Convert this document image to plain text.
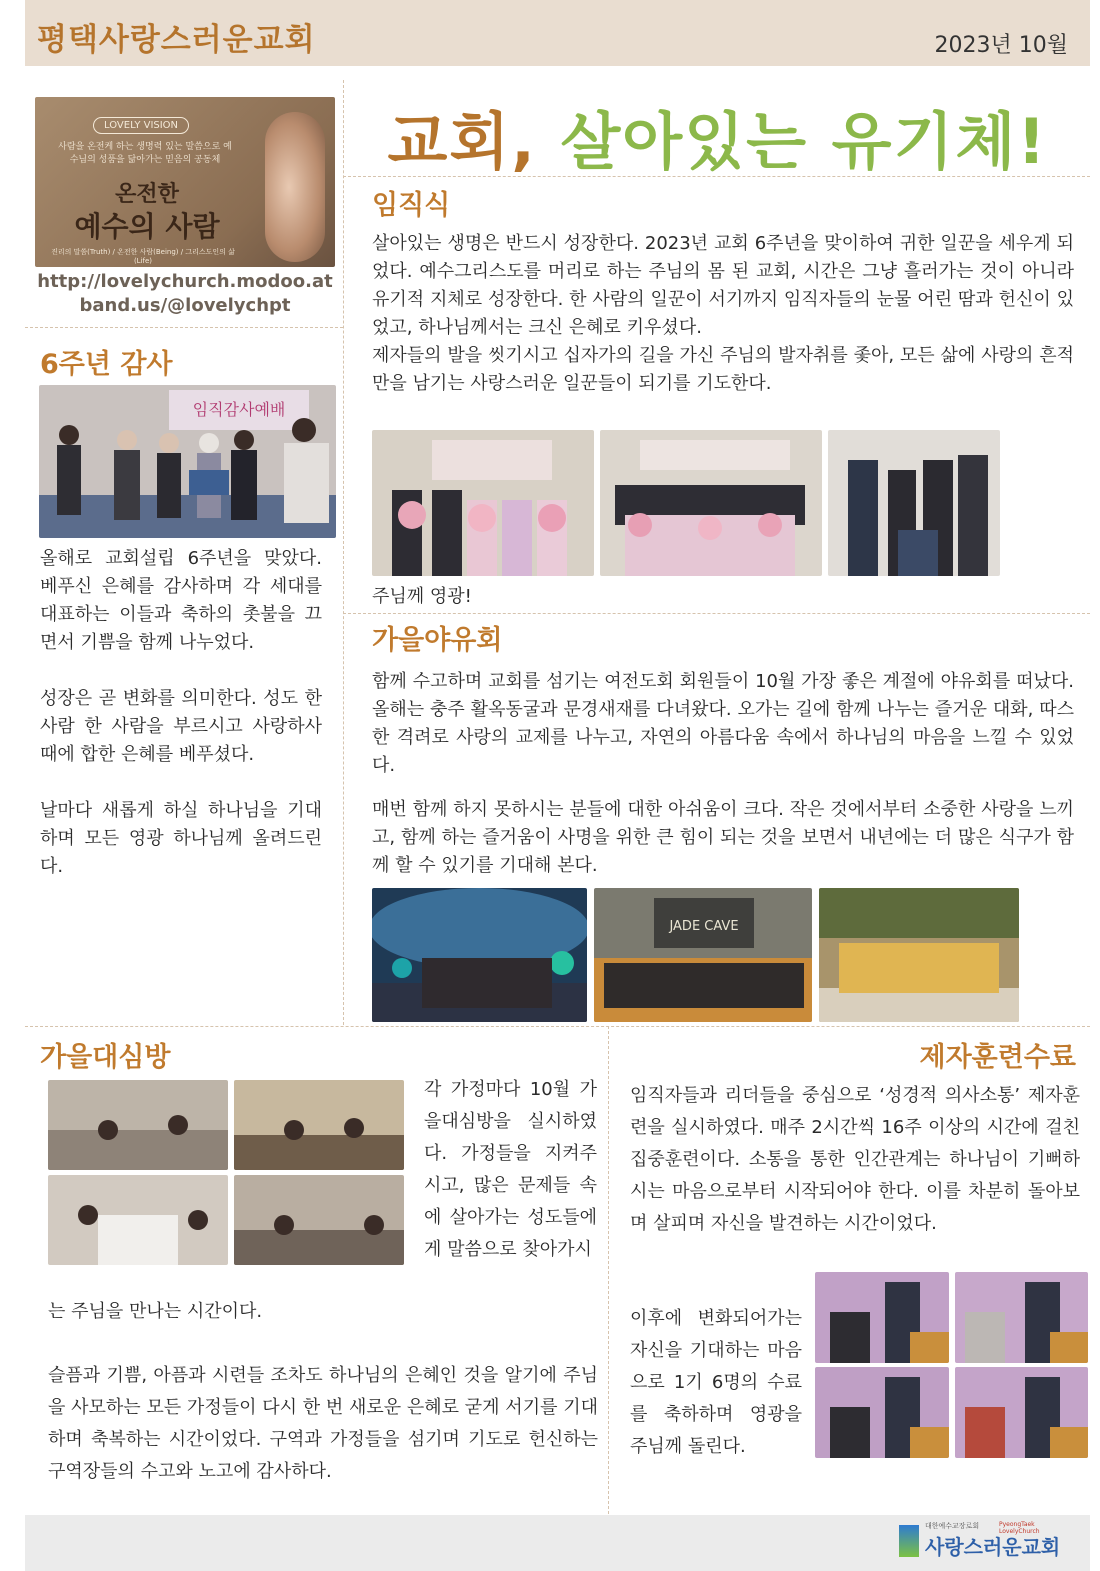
평택사랑스러운교회	2023년 10월
교회, 살아있는 유기체!
LOVELY VISION
사람을 온전케 하는 생명력 있는 말씀으로 예수님의 성품을 닮아가는 믿음의 공동체
온전한
예수의 사람
진리의 말씀(Truth) / 온전한 사람(Being) / 그리스도인의 삶(Life)
http://lovelychurch.modoo.at
band.us/@lovelychpt
6주년 감사
임직감사예배

올해로 교회설립 6주년을 맞았다. 베푸신 은혜를 감사하며 각 세대를 대표하는 이들과 축하의 촛불을 끄면서 기쁨을 함께 나누었다.

성장은 곧 변화를 의미한다. 성도 한 사람 한 사람을 부르시고 사랑하사 때에 합한 은혜를 베푸셨다.

날마다 새롭게 하실 하나님을 기대하며 모든 영광 하나님께 올려드린다.

임직식

살아있는 생명은 반드시 성장한다. 2023년 교회 6주년을 맞이하여 귀한 일꾼을 세우게 되었다. 예수그리스도를 머리로 하는 주님의 몸 된 교회, 시간은 그냥 흘러가는 것이 아니라 유기적 지체로 성장한다. 한 사람의 일꾼이 서기까지 임직자들의 눈물 어린 땀과 헌신이 있었고, 하나님께서는 크신 은혜로 키우셨다.

제자들의 발을 씻기시고 십자가의 길을 가신 주님의 발자취를 좇아, 모든 삶에 사랑의 흔적만을 남기는 사랑스러운 일꾼들이 되기를 기도한다.

주님께 영광!
가을야유회

함께 수고하며 교회를 섬기는 여전도회 회원들이 10월 가장 좋은 계절에 야유회를 떠났다. 올해는 충주 활옥동굴과 문경새재를 다녀왔다. 오가는 길에 함께 나누는 즐거운 대화, 따스한 격려로 사랑의 교제를 나누고, 자연의 아름다움 속에서 하나님의 마음을 느낄 수 있었다.

매번 함께 하지 못하시는 분들에 대한 아쉬움이 크다. 작은 것에서부터 소중한 사랑을 느끼고, 함께 하는 즐거움이 사명을 위한 큰 힘이 되는 것을 보면서 내년에는 더 많은 식구가 함께 할 수 있기를 기대해 본다.

JADE CAVE
가을대심방
각 가정마다 10월 가을대심방을 실시하였다. 가정들을 지켜주시고, 많은 문제들 속에 살아가는 성도들에게 말씀으로 찾아가시
는 주님을 만나는 시간이다.
슬픔과 기쁨, 아픔과 시련들 조차도 하나님의 은혜인 것을 알기에 주님을 사모하는 모든 가정들이 다시 한 번 새로운 은혜로 굳게 서기를 기대하며 축복하는 시간이었다. 구역과 가정들을 섬기며 기도로 헌신하는 구역장들의 수고와 노고에 감사하다.
제자훈련수료
임직자들과 리더들을 중심으로 ‘성경적 의사소통’ 제자훈련을 실시하였다. 매주 2시간씩 16주 이상의 시간에 걸친 집중훈련이다. 소통을 통한 인간관계는 하나님이 기뻐하시는 마음으로부터 시작되어야 한다. 이를 차분히 돌아보며 살피며 자신을 발견하는 시간이었다.
이후에 변화되어가는 자신을 기대하는 마음으로 1기 6명의 수료를 축하하며 영광을 주님께 돌린다.
대한예수교장로회	PyeongTaek LovelyChurch
사랑스러운교회
